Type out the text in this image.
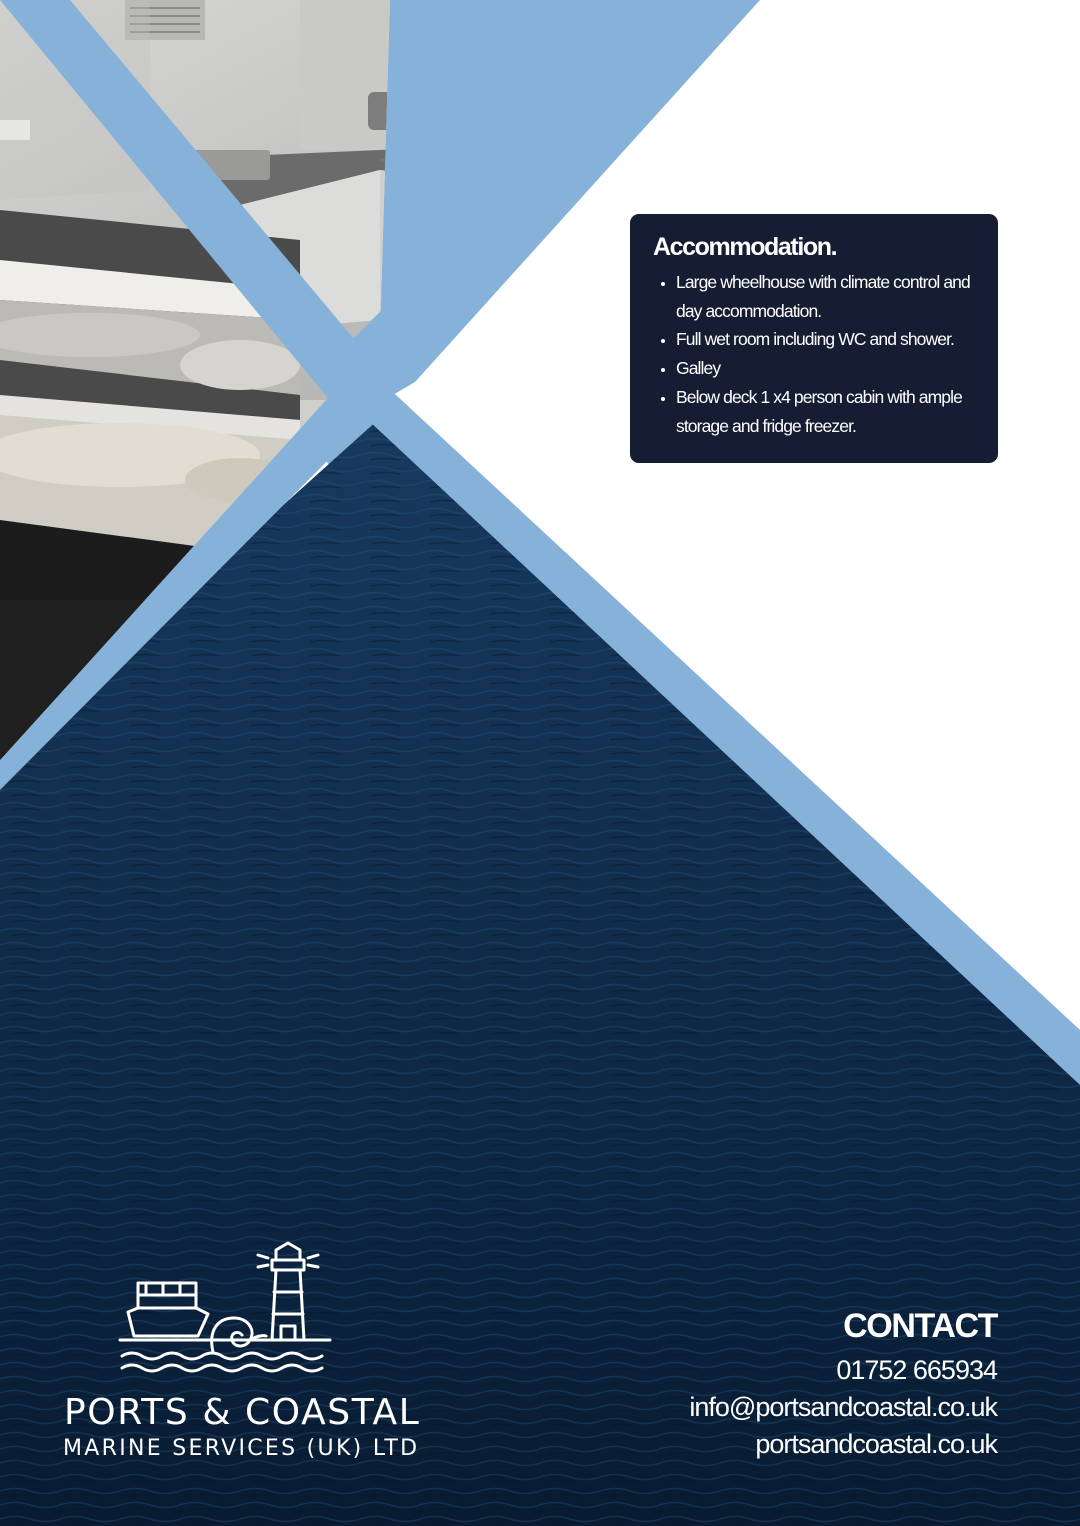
Accommodation.
• Large wheelhouse with climate control and day accommodation.
• Full wet room including WC and shower.
• Galley
• Below deck 1 x4 person cabin with ample storage and fridge freezer.
PORTS & COASTAL
MARINE SERVICES (UK) LTD
CONTACT
01752 665934
info@portsandcoastal.co.uk
portsandcoastal.co.uk
